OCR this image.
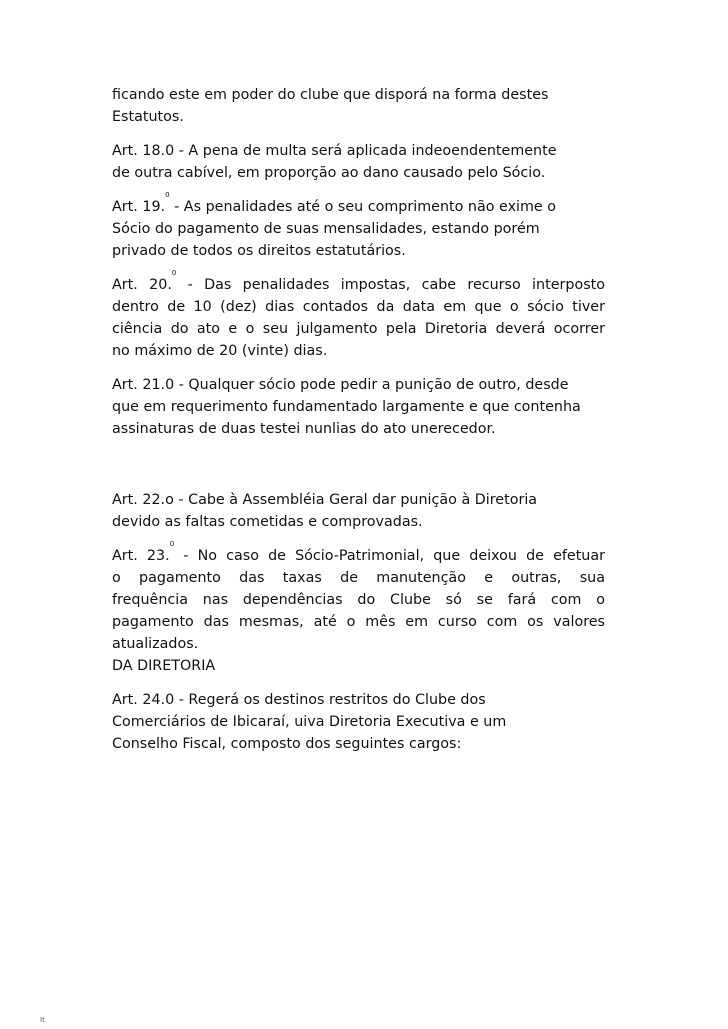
ficando este em poder do clube que disporá na forma destes
Estatutos.

Art. 18.0 - A pena de multa será aplicada indeoendentemente
de outra cabível, em proporção ao dano causado pelo Sócio.

Art. 19.$^0$ - As penalidades até o seu comprimento não exime o
Sócio do pagamento de suas mensalidades, estando porém
privado de todos os direitos estatutários.

Art. 20.$^0$ - Das penalidades impostas, cabe recurso interposto
dentro de 10 (dez) dias contados da data em que o sócio tiver
ciência do ato e o seu julgamento pela Diretoria deverá ocorrer
no máximo de 20 (vinte) dias.

Art. 21.0 - Qualquer sócio pode pedir a punição de outro, desde
que em requerimento fundamentado largamente e que contenha
assinaturas de duas testei nunlias do ato unerecedor.

Art. 22.o - Cabe à Assembléia Geral dar punição à Diretoria
devido as faltas cometidas e comprovadas.

Art. 23.$^0$ - No caso de Sócio-Patrimonial, que deixou de efetuar
o pagamento das taxas de manutenção e outras, sua
frequência nas dependências do Clube só se fará com o
pagamento das mesmas, até o mês em curso com os valores
atualizados.
DA DIRETORIA

Art. 24.0 - Regerá os destinos restritos do Clube dos
Comerciários de Ibicaraí, uiva Diretoria Executiva e um
Conselho Fiscal, composto dos seguintes cargos:

It
